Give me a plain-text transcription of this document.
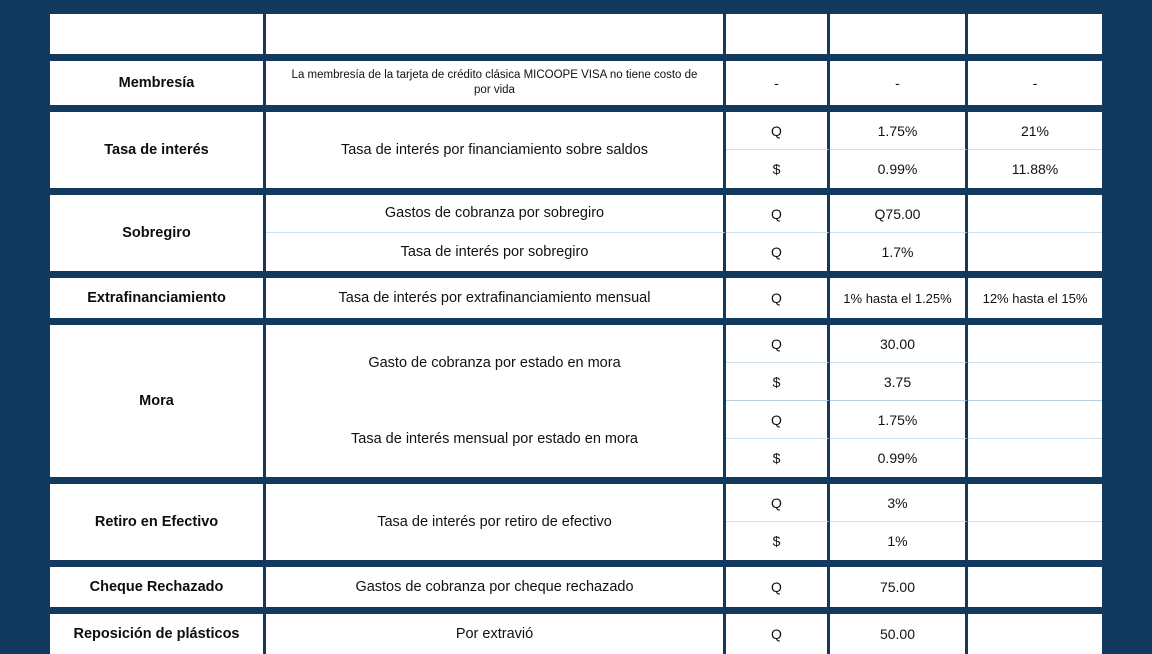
PARÁMETRO	DESCRIPCIÓN	MONEDA	MENSUAL	ANUAL

Membresía	La membresía de la tarjeta de crédito clásica MICOOPE VISA no tiene costo de por vida	-	-	-

Tasa de interés	Tasa de interés por financiamiento sobre saldos	Q	1.75%	21%
		$	0.99%	11.88%

Sobregiro	Gastos de cobranza por sobregiro	Q	Q75.00	
	Tasa de interés por sobregiro	Q	1.7%	

Extrafinanciamiento	Tasa de interés por extrafinanciamiento mensual	Q	1% hasta el 1.25%	12% hasta el 15%

Mora	Gasto de cobranza por estado en mora	Q	30.00	
		$	3.75	
	Tasa de interés mensual por estado en mora	Q	1.75%	
		$	0.99%	

Retiro en Efectivo	Tasa de interés por retiro de efectivo	Q	3%	
		$	1%	

Cheque Rechazado	Gastos de cobranza por cheque rechazado	Q	75.00	

Reposición de plásticos	Por extravió	Q	50.00	
